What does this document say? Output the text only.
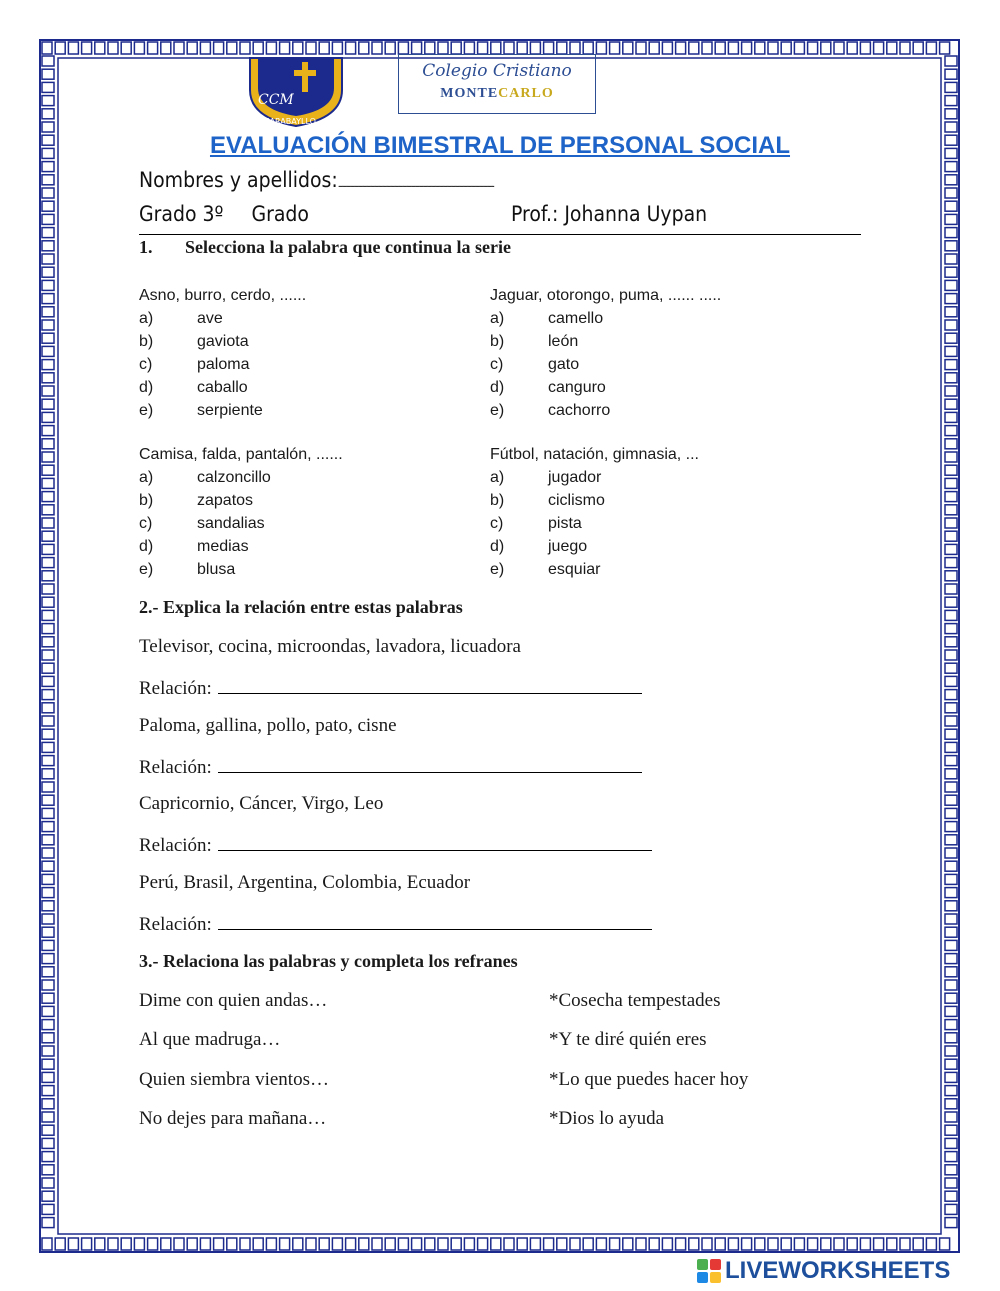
CCM
CARABAYLLO
Colegio Cristiano
MONTECARLO
EVALUACIÓN BIMESTRAL DE PERSONAL SOCIAL
Nombres y apellidos:................................................................................................................................................................................................................................................................................
Grado 3º Grado	Prof.: Johanna Uypan
1. Selecciona la palabra que continua la serie
Asno, burro, cerdo, ......
a)	ave
b)	gaviota
c)	paloma
d)	caballo
e)	serpiente
Jaguar, otorongo, puma, ...... .....
a)	camello
b)	león
c)	gato
d)	canguro
e)	cachorro
Camisa, falda, pantalón, ......
a)	calzoncillo
b)	zapatos
c)	sandalias
d)	medias
e)	blusa
Fútbol, natación, gimnasia, ...
a)	jugador
b)	ciclismo
c)	pista
d)	juego
e)	esquiar
2.- Explica la relación entre estas palabras
Televisor, cocina, microondas, lavadora, licuadora
Relación:
Paloma, gallina, pollo, pato, cisne
Relación:
Capricornio, Cáncer, Virgo, Leo
Relación:
Perú, Brasil, Argentina, Colombia, Ecuador
Relación:
3.- Relaciona las palabras y completa los refranes
Dime con quien andas…	*Cosecha tempestades
Al que madruga…	*Y te diré quién eres
Quien siembra vientos…	*Lo que puedes hacer hoy
No dejes para mañana…	*Dios lo ayuda
LIVEWORKSHEETS
